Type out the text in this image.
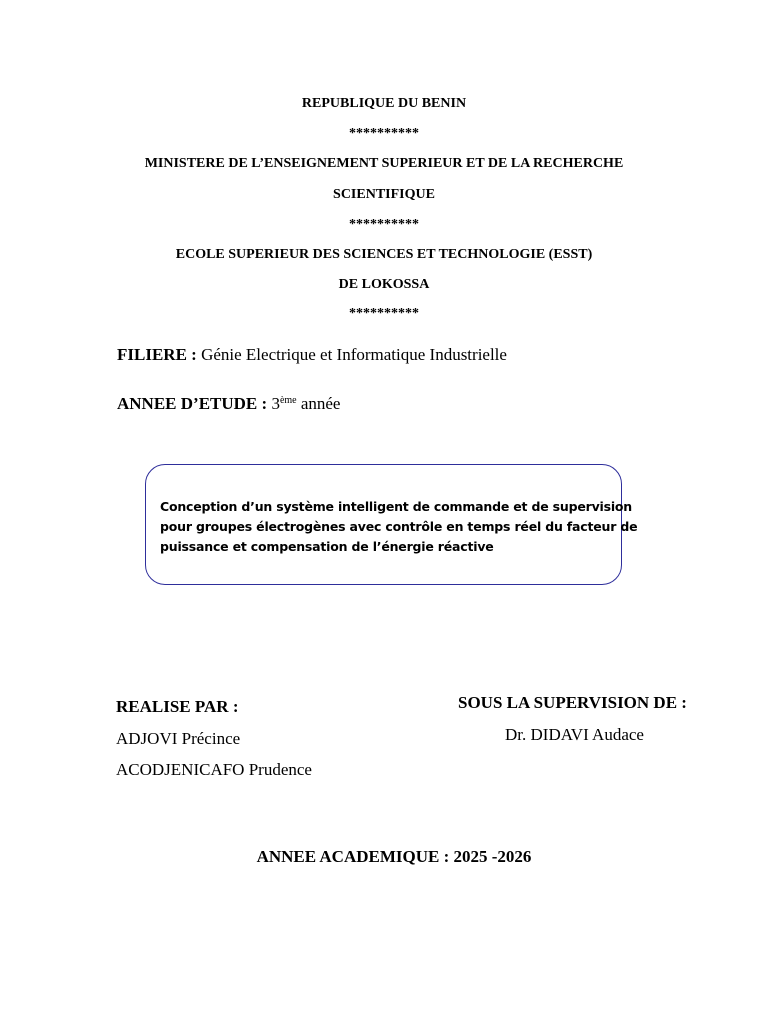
REPUBLIQUE DU BENIN
**********
MINISTERE DE L’ENSEIGNEMENT SUPERIEUR ET DE LA RECHERCHE
SCIENTIFIQUE
**********
ECOLE SUPERIEUR DES SCIENCES ET TECHNOLOGIE (ESST)
DE LOKOSSA
**********
FILIERE : Génie Electrique et Informatique Industrielle
ANNEE D’ETUDE : 3ème année
Conception d’un système intelligent de commande et de supervision
pour groupes électrogènes avec contrôle en temps réel du facteur de
puissance et compensation de l’énergie réactive
REALISE PAR :
ADJOVI Précince
ACODJENICAFO Prudence
SOUS LA SUPERVISION DE :
Dr. DIDAVI Audace
ANNEE ACADEMIQUE : 2025 -2026
